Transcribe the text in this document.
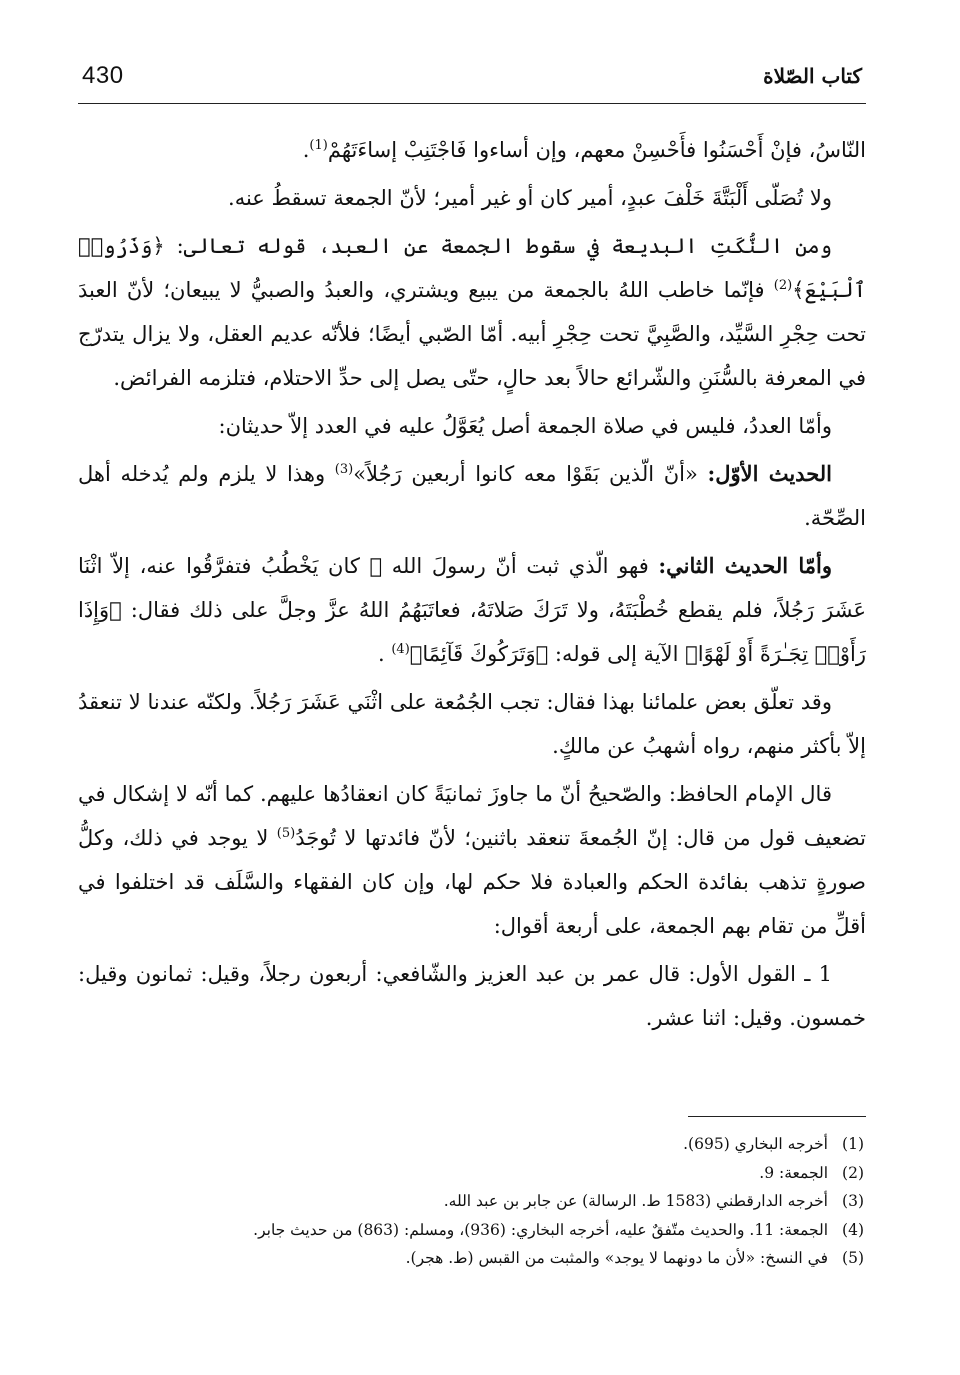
430	كتاب الصّلاة

النّاسُ، فإنْ أَحْسَنُوا فأَحْسِنْ معهم، وإن أساءوا فَاجْتَنِبْ إساءَتَهُمْ$^{(1)}$.

ولا تُصَلّى أَلْبَتَّةَ خَلْفَ عبدٍ، أمير كان أو غير أمير؛ لأنّ الجمعة تسقطُ عنه.

ومن النُّكَتِ البديعة في سقوط الجمعة عن العبد، قوله تعالى: ﴿وَذَرُوا۟ ٱلْبَيْعَ﴾$^{(2)}$ فإنّما خاطب اللهُ بالجمعة من يبيع ويشتري، والعبدُ والصبيُّ لا يبيعان؛ لأنّ العبدَ تحت حِجْرِ السَّيِّد، والصَّبِيَّ تحت حِجْرِ أبيه. أمّا الصّبي أيضًا؛ فلأنّه عديم العقل، ولا يزال يتدرّج في المعرفة بالسُّنَنِ والشّرائع حالاً بعد حالٍ، حتّى يصل إلى حدِّ الاحتلام، فتلزمه الفرائض.

وأمّا العددُ، فليس في صلاة الجمعة أصل يُعَوَّلُ عليه في العدد إلاّ حديثان:

الحديث الأوّل: «أنّ الّذين بَقَوْا معه كانوا أربعين رَجُلاً»$^{(3)}$ وهذا لا يلزم ولم يُدخله أهل الصِّحّة.

وأمّا الحديث الثاني: فهو الّذي ثبت أنّ رسولَ الله ﷺ كان يَخْطُبُ فتفرَّقُوا عنه، إلاّ اثْنَا عَشَرَ رَجُلاً، فلم يقطع خُطْبَتَهُ، ولا تَرَكَ صَلاتَهُ، فعاتَبَهُمُ اللهُ عزَّ وجلَّ على ذلك فقال: ﴿وَإِذَا رَأَوْا۟ تِجَـٰرَةً أَوْ لَهْوًا﴾ الآية إلى قوله: ﴿وَتَرَكُوكَ قَآئِمًا﴾$^{(4)}$ .

وقد تعلّق بعض علمائنا بهذا فقال: تجب الجُمُعة على اثْنَي عَشَرَ رَجُلاً. ولكنّه عندنا لا تنعقدُ إلاّ بأكثر منهم، رواه أشهبُ عن مالكٍ.

قال الإمام الحافظ: والصّحيحُ أنّ ما جاوزَ ثمانيَةً كان انعقادُها عليهم. كما أنّه لا إشكال في تضعيف قول من قال: إنّ الجُمعةَ تنعقد باثنين؛ لأنّ فائدتها لا تُوجَدُ$^{(5)}$ لا يوجد في ذلك، وكلُّ صورةٍ تذهب بفائدة الحكم والعبادة فلا حكم لها، وإن كان الفقهاء والسَّلَف قد اختلفوا في أقلِّ من تقام بهم الجمعة، على أربعة أقوال:

1 ـ القول الأول: قال عمر بن عبد العزيز والشّافعي: أربعون رجلاً، وقيل: ثمانون وقيل: خمسون. وقيل: اثنا عشر.

(1)أخرجه البخاري (695).
(2)الجمعة: 9.
(3)أخرجه الدارقطني (1583 ط. الرسالة) عن جابر بن عبد الله.
(4)الجمعة: 11. والحديث متّفقٌ عليه، أخرجه البخاري: (936)، ومسلم: (863) من حديث جابر.
(5)في النسخ: «لأن ما دونهما لا يوجد» والمثبت من القبس (ط. هجر).
